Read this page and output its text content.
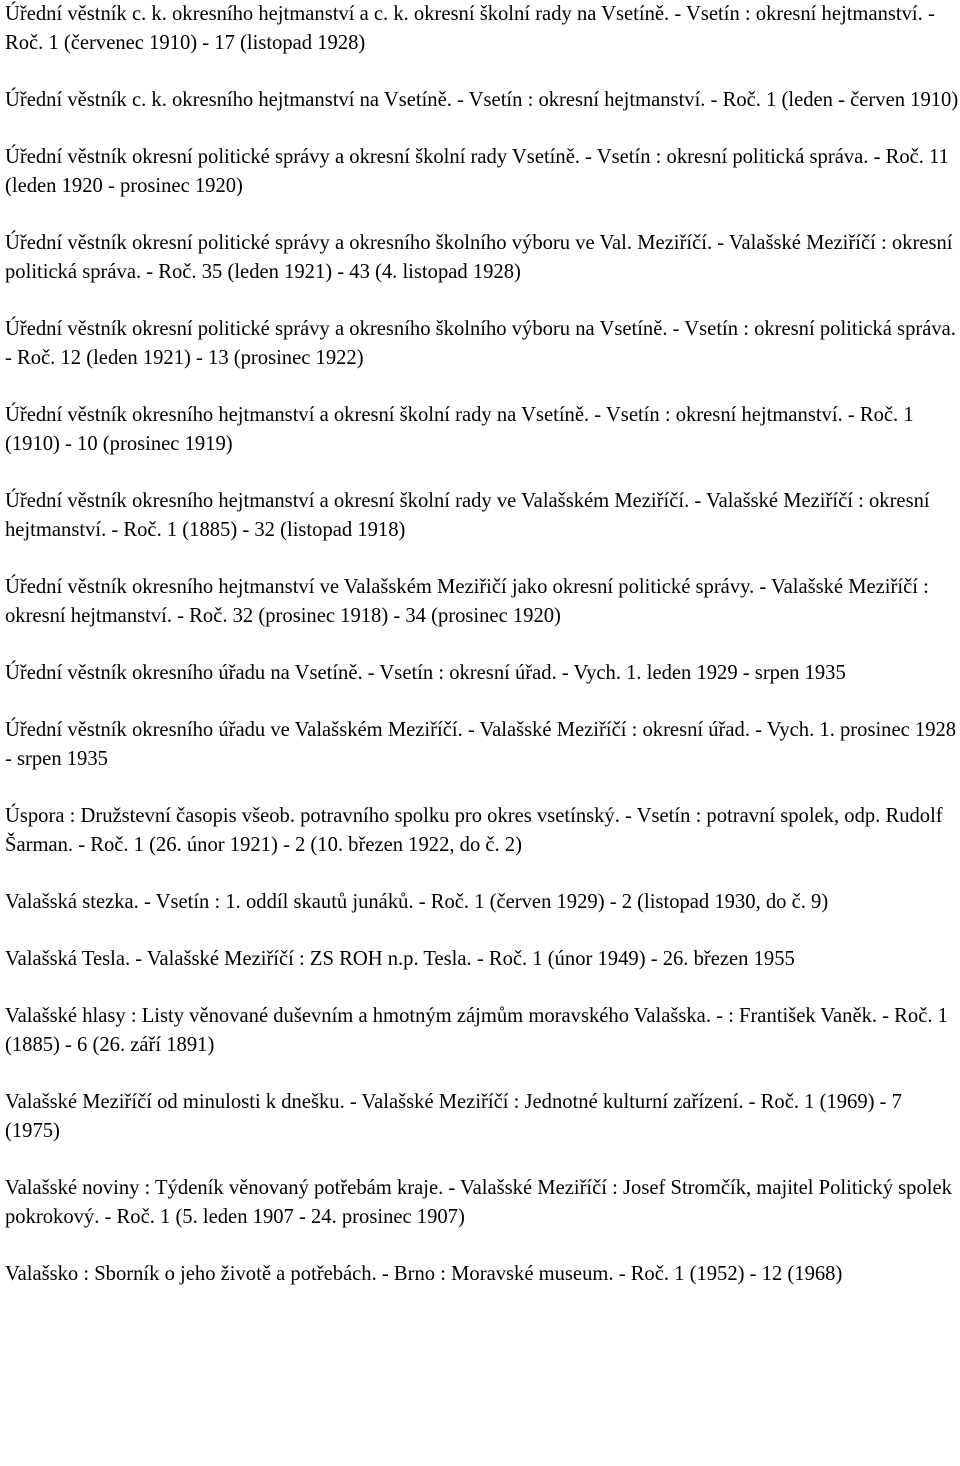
Úřední věstník c. k. okresního hejtmanství a c. k. okresní školní rady na Vsetíně. - Vsetín : okresní hejtmanství. - Roč. 1 (červenec 1910) - 17 (listopad 1928)

Úřední věstník c. k. okresního hejtmanství na Vsetíně. - Vsetín : okresní hejtmanství. - Roč. 1 (leden - červen 1910)

Úřední věstník okresní politické správy a okresní školní rady Vsetíně. - Vsetín : okresní politická správa. - Roč. 11 (leden 1920 - prosinec 1920)

Úřední věstník okresní politické správy a okresního školního výboru ve Val. Meziříčí. - Valašské Meziříčí : okresní politická správa. - Roč. 35 (leden 1921) - 43 (4. listopad 1928)

Úřední věstník okresní politické správy a okresního školního výboru na Vsetíně. - Vsetín : okresní politická správa. - Roč. 12 (leden 1921) - 13 (prosinec 1922)

Úřední věstník okresního hejtmanství a okresní školní rady na Vsetíně. - Vsetín : okresní hejtmanství. - Roč. 1 (1910) - 10 (prosinec 1919)

Úřední věstník okresního hejtmanství a okresní školní rady ve Valašském Meziříčí. - Valašské Meziříčí : okresní hejtmanství. - Roč. 1 (1885) - 32 (listopad 1918)

Úřední věstník okresního hejtmanství ve Valašském Meziřičí jako okresní politické správy. - Valašské Meziříčí : okresní hejtmanství. - Roč. 32 (prosinec 1918) - 34 (prosinec 1920)

Úřední věstník okresního úřadu na Vsetíně. - Vsetín : okresní úřad. - Vych. 1. leden 1929 - srpen 1935

Úřední věstník okresního úřadu ve Valašském Meziříčí. - Valašské Meziříčí : okresní úřad. - Vych. 1. prosinec 1928 - srpen 1935

Úspora : Družstevní časopis všeob. potravního spolku pro okres vsetínský. - Vsetín : potravní spolek, odp. Rudolf Šarman. - Roč. 1 (26. únor 1921) - 2 (10. březen 1922, do č. 2)

Valašská stezka. - Vsetín : 1. oddíl skautů junáků. - Roč. 1 (červen 1929) - 2 (listopad 1930, do č. 9)

Valašská Tesla. - Valašské Meziříčí : ZS ROH n.p. Tesla. - Roč. 1 (únor 1949) - 26. březen 1955

Valašské hlasy : Listy věnované duševním a hmotným zájmům moravského Valašska. - : František Vaněk. - Roč. 1 (1885) - 6 (26. září 1891)

Valašské Meziříčí od minulosti k dnešku. - Valašské Meziříčí : Jednotné kulturní zařízení. - Roč. 1 (1969) - 7 (1975)

Valašské noviny : Týdeník věnovaný potřebám kraje. - Valašské Meziříčí : Josef Stromčík, majitel Politický spolek pokrokový. - Roč. 1 (5. leden 1907 - 24. prosinec 1907)

Valašsko : Sborník o jeho životě a potřebách. - Brno : Moravské museum. - Roč. 1 (1952) - 12 (1968)
